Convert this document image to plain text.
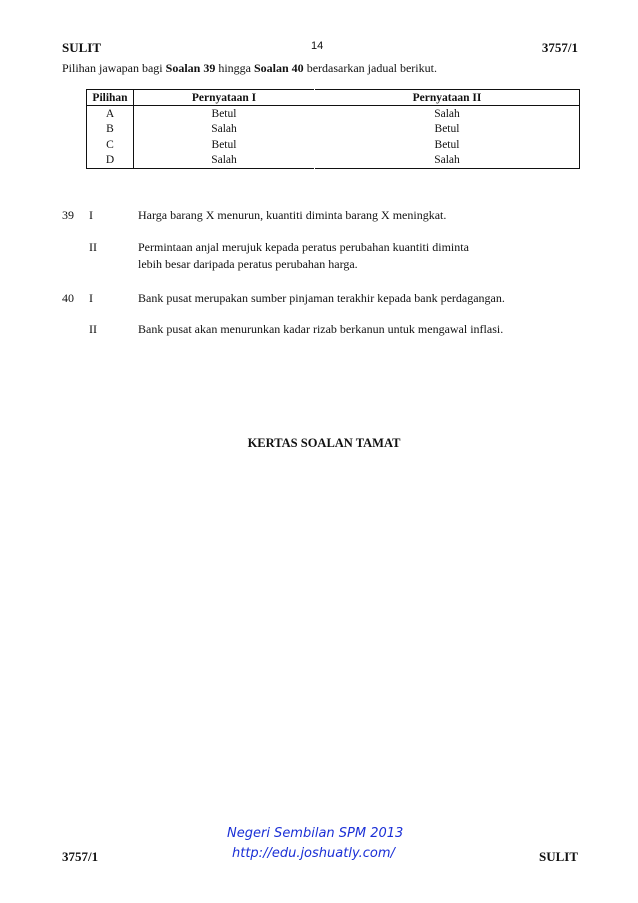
SULIT	14	3757/1
Pilihan jawapan bagi Soalan 39 hingga Soalan 40 berdasarkan jadual berikut.
Pilihan	Pernyataan I	Pernyataan II
A	Betul	Salah
B	Salah	Betul
C	Betul	Betul
D	Salah	Salah
39 I	Harga barang X menurun, kuantiti diminta barang X meningkat.
II	Permintaan anjal merujuk kepada peratus perubahan kuantiti diminta
lebih besar daripada peratus perubahan harga.
40 I	Bank pusat merupakan sumber pinjaman terakhir kepada bank perdagangan.
II	Bank pusat akan menurunkan kadar rizab berkanun untuk mengawal inflasi.
KERTAS SOALAN TAMAT
Negeri Sembilan SPM 2013
http://edu.joshuatly.com/
3757/1	SULIT
